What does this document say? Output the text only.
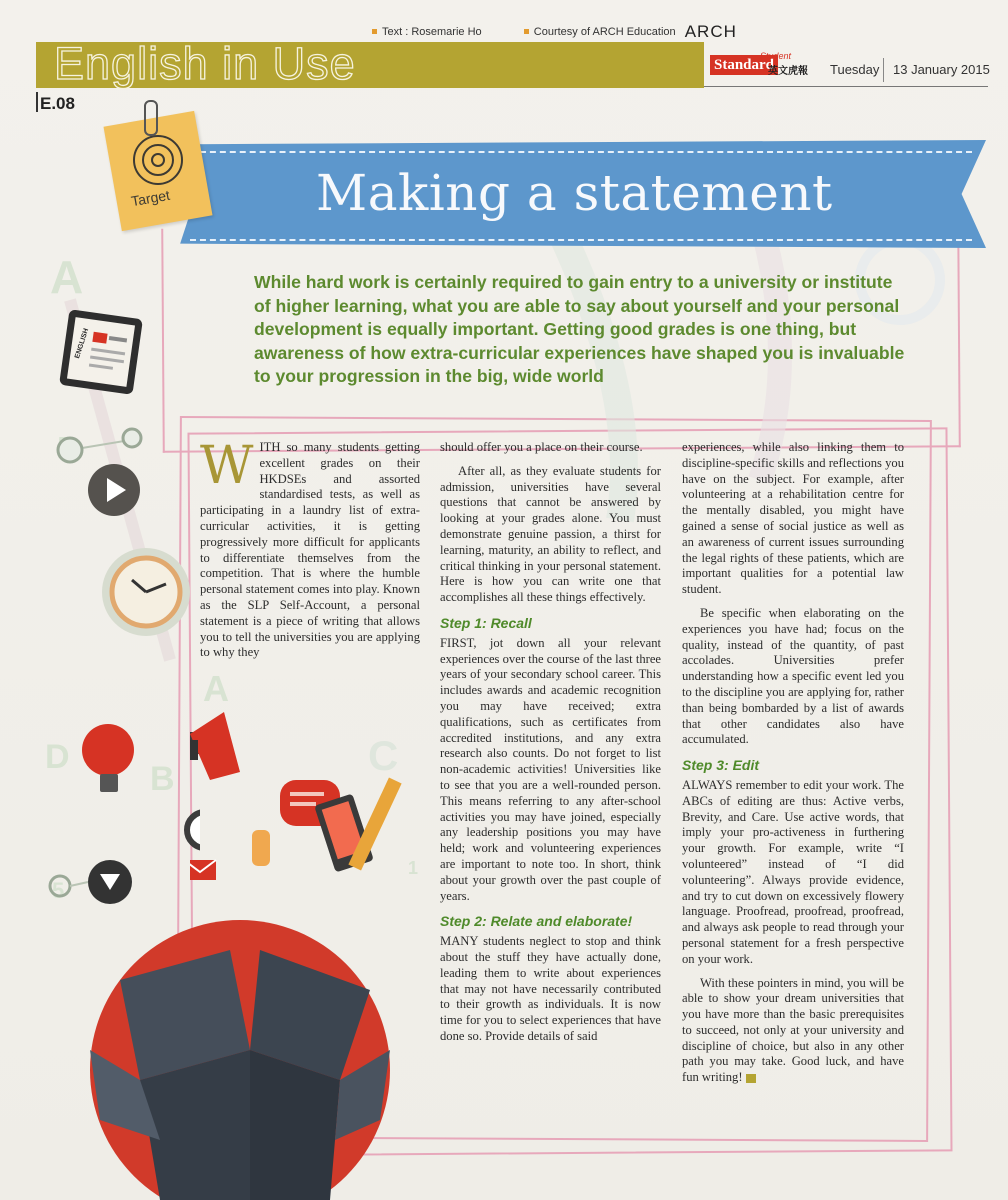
Text : Rosemarie Ho	Courtesy of ARCH Education ARCH
English in Use	Standard
Student
英文虎報 Tuesday 13 January 2015
E.08
A
B	C
D
A
5
1
Making a statement
Target
ENGLISH
While hard work is certainly required to gain entry to a university or institute of higher learning, what you are able to say about yourself and your personal development is equally important. Getting good grades is one thing, but awareness of how extra-curricular experiences have shaped you is invaluable to your progression in the big, wide world

WITH so many students getting excellent grades on their HKDSEs and assorted standardised tests, as well as participating in a laundry list of extra-curricular activities, it is getting progressively more difficult for applicants to differentiate themselves from the competition. That is where the humble personal statement comes into play. Known as the SLP Self-Account, a personal statement is a piece of writing that allows you to tell the universities you are applying to why they

should offer you a place on their course.

After all, as they evaluate students for admission, universities have several questions that cannot be answered by looking at your grades alone. You must demonstrate genuine passion, a thirst for learning, maturity, an ability to reflect, and critical thinking in your personal statement. Here is how you can write one that accomplishes all these things effectively.

Step 1: Recall

FIRST, jot down all your relevant experiences over the course of the last three years of your secondary school career. This includes awards and academic recognition you may have received; extra qualifications, such as certificates from accredited institutions, and any extra research also counts. Do not forget to list non-academic activities! Universities like to see that you are a well-rounded person. This means referring to any after-school activities you may have joined, especially any leadership positions you may have held; work and volunteering experiences are important to note too. In short, think about your growth over the past couple of years.

Step 2: Relate and elaborate!

MANY students neglect to stop and think about the stuff they have actually done, leading them to write about experiences that may not have necessarily contributed to their growth as individuals. It is now time for you to select experiences that have done so. Provide details of said

experiences, while also linking them to discipline-specific skills and reflections you have on the subject. For example, after volunteering at a rehabilitation centre for the mentally disabled, you might have gained a sense of social justice as well as an awareness of current issues surrounding the legal rights of these patients, which are important qualities for a potential law student.

Be specific when elaborating on the experiences you have had; focus on the quality, instead of the quantity, of past accolades. Universities prefer understanding how a specific event led you to the discipline you are applying for, rather than being bombarded by a list of awards that other candidates also have accumulated.

Step 3: Edit

ALWAYS remember to edit your work. The ABCs of editing are thus: Active verbs, Brevity, and Care. Use active words, that imply your pro-activeness in furthering your growth. For example, write “I volunteered” instead of “I did volunteering”. Always provide evidence, and try to cut down on excessively flowery language. Proofread, proofread, proofread, and always ask people to read through your personal statement for a fresh perspective on your work.

With these pointers in mind, you will be able to show your dream universities that you have more than the basic prerequisites to succeed, not only at your university and discipline of choice, but also in any other path you may take. Good luck, and have fun writing!
